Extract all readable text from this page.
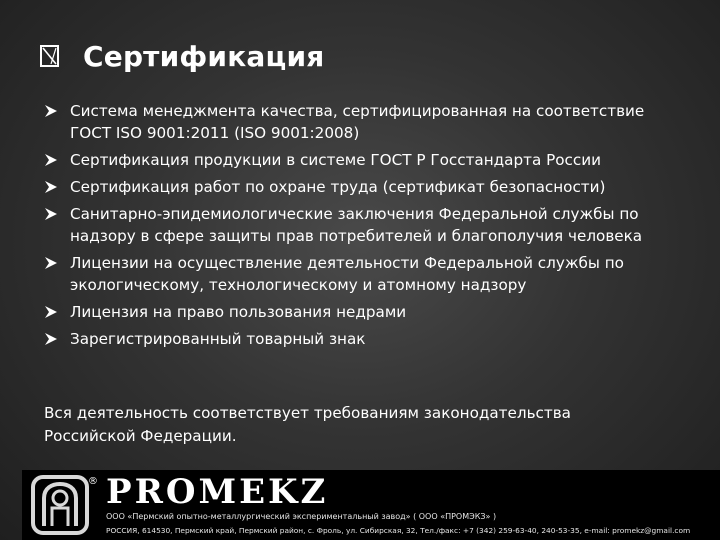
Сертификация
Система менеджмента качества, сертифицированная на соответствие ГОСТ ISO 9001:2011 (ISO 9001:2008)
Сертификация продукции в системе ГОСТ Р Госстандарта России
Сертификация работ по охране труда (сертификат безопасности)
Санитарно-эпидемиологические заключения Федеральной службы по надзору в сфере защиты прав потребителей и благополучия человека
Лицензии на осуществление деятельности Федеральной службы по экологическому, технологическому и атомному надзору
Лицензия на право пользования недрами
Зарегистрированный товарный знак
Вся деятельность соответствует требованиям законодательства Российской Федерации.
® PROMEKZ
ООО «Пермский опытно-металлургический экспериментальный завод» ( ООО «ПРОМЭКЗ» )
РОССИЯ, 614530, Пермский край, Пермский район, с. Фроль, ул. Сибирская, 32, Тел./факс: +7 (342) 259-63-40, 240-53-35, e-mail: promekz@gmail.com
